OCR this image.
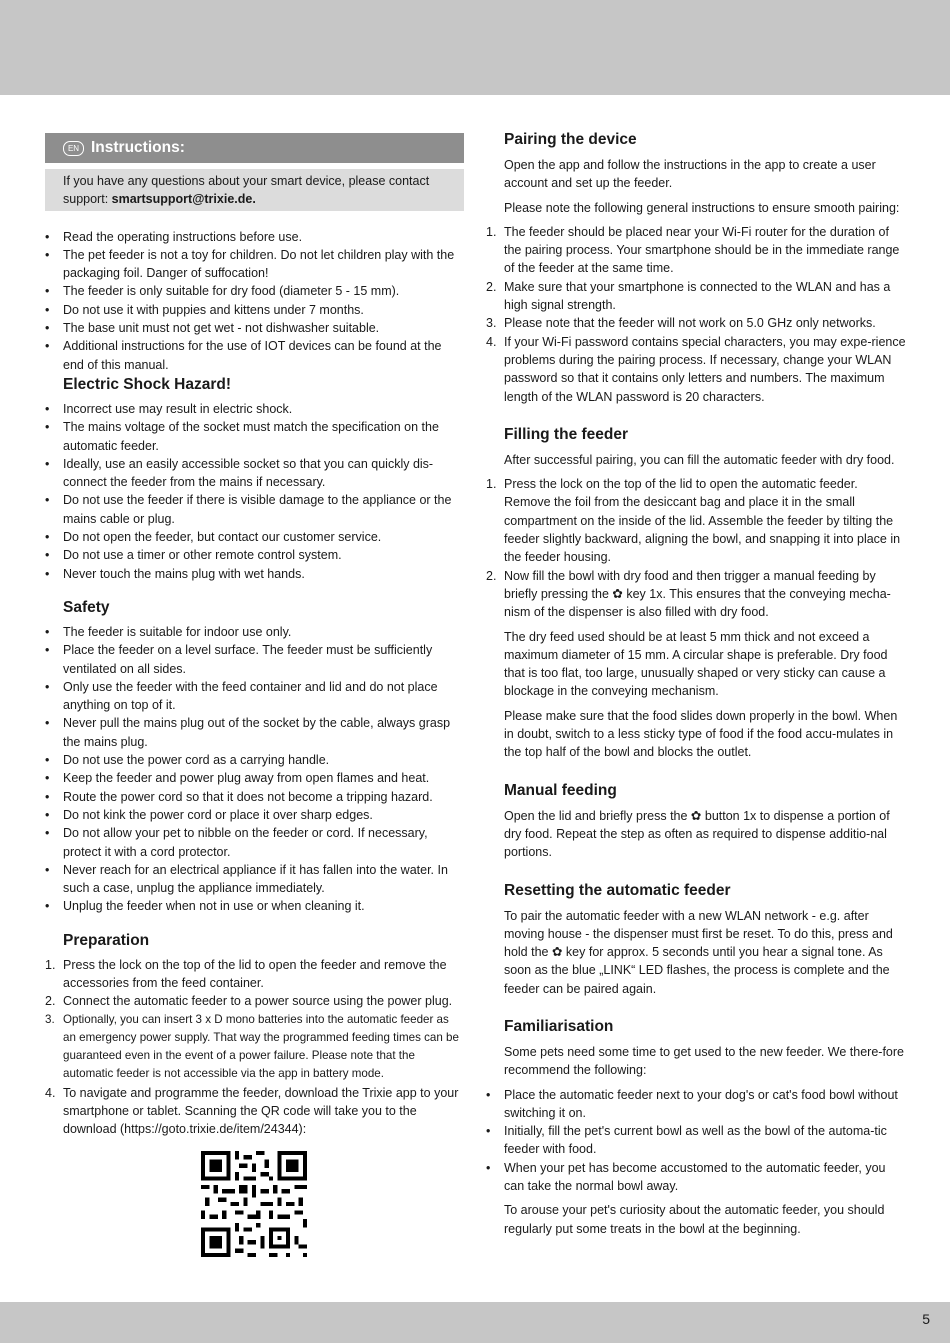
EN Instructions:
If you have any questions about your smart device, please contact support: smartsupport@trixie.de.
• Read the operating instructions before use.
• The pet feeder is not a toy for children. Do not let children play with the packaging foil. Danger of suffocation!
• The feeder is only suitable for dry food (diameter 5 - 15 mm).
• Do not use it with puppies and kittens under 7 months.
• The base unit must not get wet - not dishwasher suitable.
• Additional instructions for the use of IOT devices can be found at the end of this manual.
Electric Shock Hazard!
• Incorrect use may result in electric shock.
• The mains voltage of the socket must match the specification on the automatic feeder.
• Ideally, use an easily accessible socket so that you can quickly dis-connect the feeder from the mains if necessary.
• Do not use the feeder if there is visible damage to the appliance or the mains cable or plug.
• Do not open the feeder, but contact our customer service.
• Do not use a timer or other remote control system.
• Never touch the mains plug with wet hands.
Safety
• The feeder is suitable for indoor use only.
• Place the feeder on a level surface. The feeder must be sufficiently ventilated on all sides.
• Only use the feeder with the feed container and lid and do not place anything on top of it.
• Never pull the mains plug out of the socket by the cable, always grasp the mains plug.
• Do not use the power cord as a carrying handle.
• Keep the feeder and power plug away from open flames and heat.
• Route the power cord so that it does not become a tripping hazard.
• Do not kink the power cord or place it over sharp edges.
• Do not allow your pet to nibble on the feeder or cord. If necessary, protect it with a cord protector.
• Never reach for an electrical appliance if it has fallen into the water. In such a case, unplug the appliance immediately.
• Unplug the feeder when not in use or when cleaning it.
Preparation
1. Press the lock on the top of the lid to open the feeder and remove the accessories from the feed container.
2. Connect the automatic feeder to a power source using the power plug.
3. Optionally, you can insert 3 x D mono batteries into the automatic feeder as an emergency power supply. That way the programmed feeding times can be guaranteed even in the event of a power failure. Please note that the automatic feeder is not accessible via the app in battery mode.
4. To navigate and programme the feeder, download the Trixie app to your smartphone or tablet. Scanning the QR code will take you to the download (https://goto.trixie.de/item/24344):
Pairing the device

Open the app and follow the instructions in the app to create a user account and set up the feeder.

Please note the following general instructions to ensure smooth pairing:

1. The feeder should be placed near your Wi-Fi router for the duration of the pairing process. Your smartphone should be in the immediate range of the feeder at the same time.
2. Make sure that your smartphone is connected to the WLAN and has a high signal strength.
3. Please note that the feeder will not work on 5.0 GHz only networks.
4. If your Wi-Fi password contains special characters, you may expe-rience problems during the pairing process. If necessary, change your WLAN password so that it contains only letters and numbers. The maximum length of the WLAN password is 20 characters.
Filling the feeder

After successful pairing, you can fill the automatic feeder with dry food.

1. Press the lock on the top of the lid to open the automatic feeder. Remove the foil from the desiccant bag and place it in the small compartment on the inside of the lid. Assemble the feeder by tilting the feeder slightly backward, aligning the bowl, and snapping it into place in the feeder housing.
2. Now fill the bowl with dry food and then trigger a manual feeding by briefly pressing the ✿ key 1x. This ensures that the conveying mecha-nism of the dispenser is also filled with dry food.

The dry feed used should be at least 5 mm thick and not exceed a maximum diameter of 15 mm. A circular shape is preferable. Dry food that is too flat, too large, unusually shaped or very sticky can cause a blockage in the conveying mechanism.

Please make sure that the food slides down properly in the bowl. When in doubt, switch to a less sticky type of food if the food accu-mulates in the top half of the bowl and blocks the outlet.

Manual feeding

Open the lid and briefly press the ✿ button 1x to dispense a portion of dry food. Repeat the step as often as required to dispense additio-nal portions.

Resetting the automatic feeder

To pair the automatic feeder with a new WLAN network - e.g. after moving house - the dispenser must first be reset. To do this, press and hold the ✿ key for approx. 5 seconds until you hear a signal tone. As soon as the blue „LINK“ LED flashes, the process is complete and the feeder can be paired again.

Familiarisation

Some pets need some time to get used to the new feeder. We there-fore recommend the following:

• Place the automatic feeder next to your dog's or cat's food bowl without switching it on.
• Initially, fill the pet's current bowl as well as the bowl of the automa-tic feeder with food.
• When your pet has become accustomed to the automatic feeder, you can take the normal bowl away.

To arouse your pet's curiosity about the automatic feeder, you should regularly put some treats in the bowl at the beginning.

5
